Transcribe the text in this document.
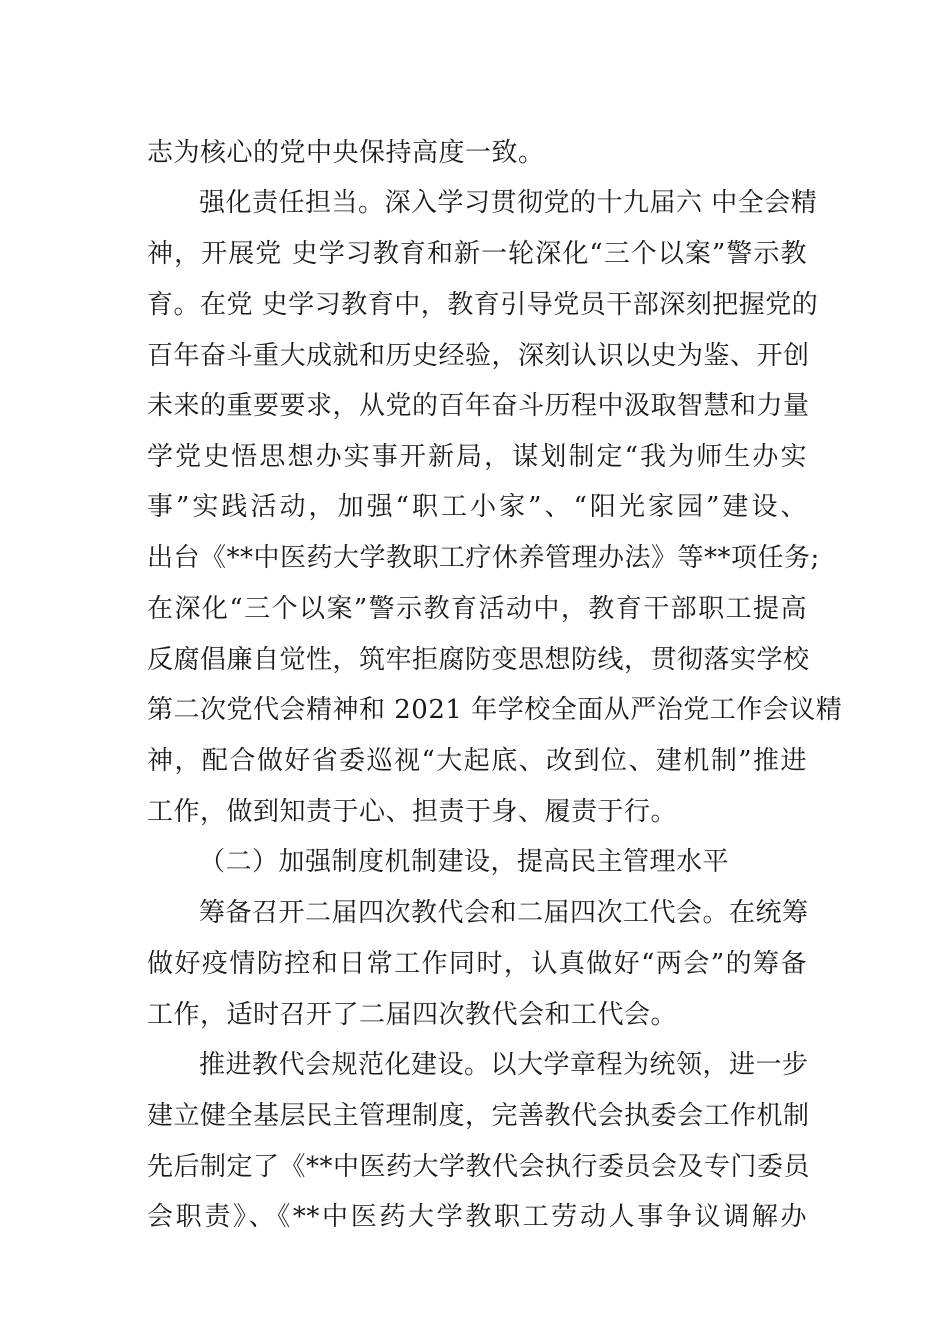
志为核心的党中央保持高度一致。
强化责任担当。深入学习贯彻党的十九届六 中全会精
神，开展党 史学习教育和新一轮深化“三个以案”警示教
育。在党 史学习教育中，教育引导党员干部深刻把握党的
百年奋斗重大成就和历史经验，深刻认识以史为鉴、开创
未来的重要要求，从党的百年奋斗历程中汲取智慧和力量
学党史悟思想办实事开新局，谋划制定“我为师生办实
事”实践活动，加强“职工小家”、“阳光家园”建设、
出台《**中医药大学教职工疗休养管理办法》等**项任务;
在深化“三个以案”警示教育活动中，教育干部职工提高
反腐倡廉自觉性，筑牢拒腐防变思想防线，贯彻落实学校
第二次党代会精神和 2021 年学校全面从严治党工作会议精
神，配合做好省委巡视“大起底、改到位、建机制”推进
工作，做到知责于心、担责于身、履责于行。
（二）加强制度机制建设，提高民主管理水平
筹备召开二届四次教代会和二届四次工代会。在统筹
做好疫情防控和日常工作同时，认真做好“两会”的筹备
工作，适时召开了二届四次教代会和工代会。
推进教代会规范化建设。以大学章程为统领，进一步
建立健全基层民主管理制度，完善教代会执委会工作机制
先后制定了《**中医药大学教代会执行委员会及专门委员
会职责》、《**中医药大学教职工劳动人事争议调解办
